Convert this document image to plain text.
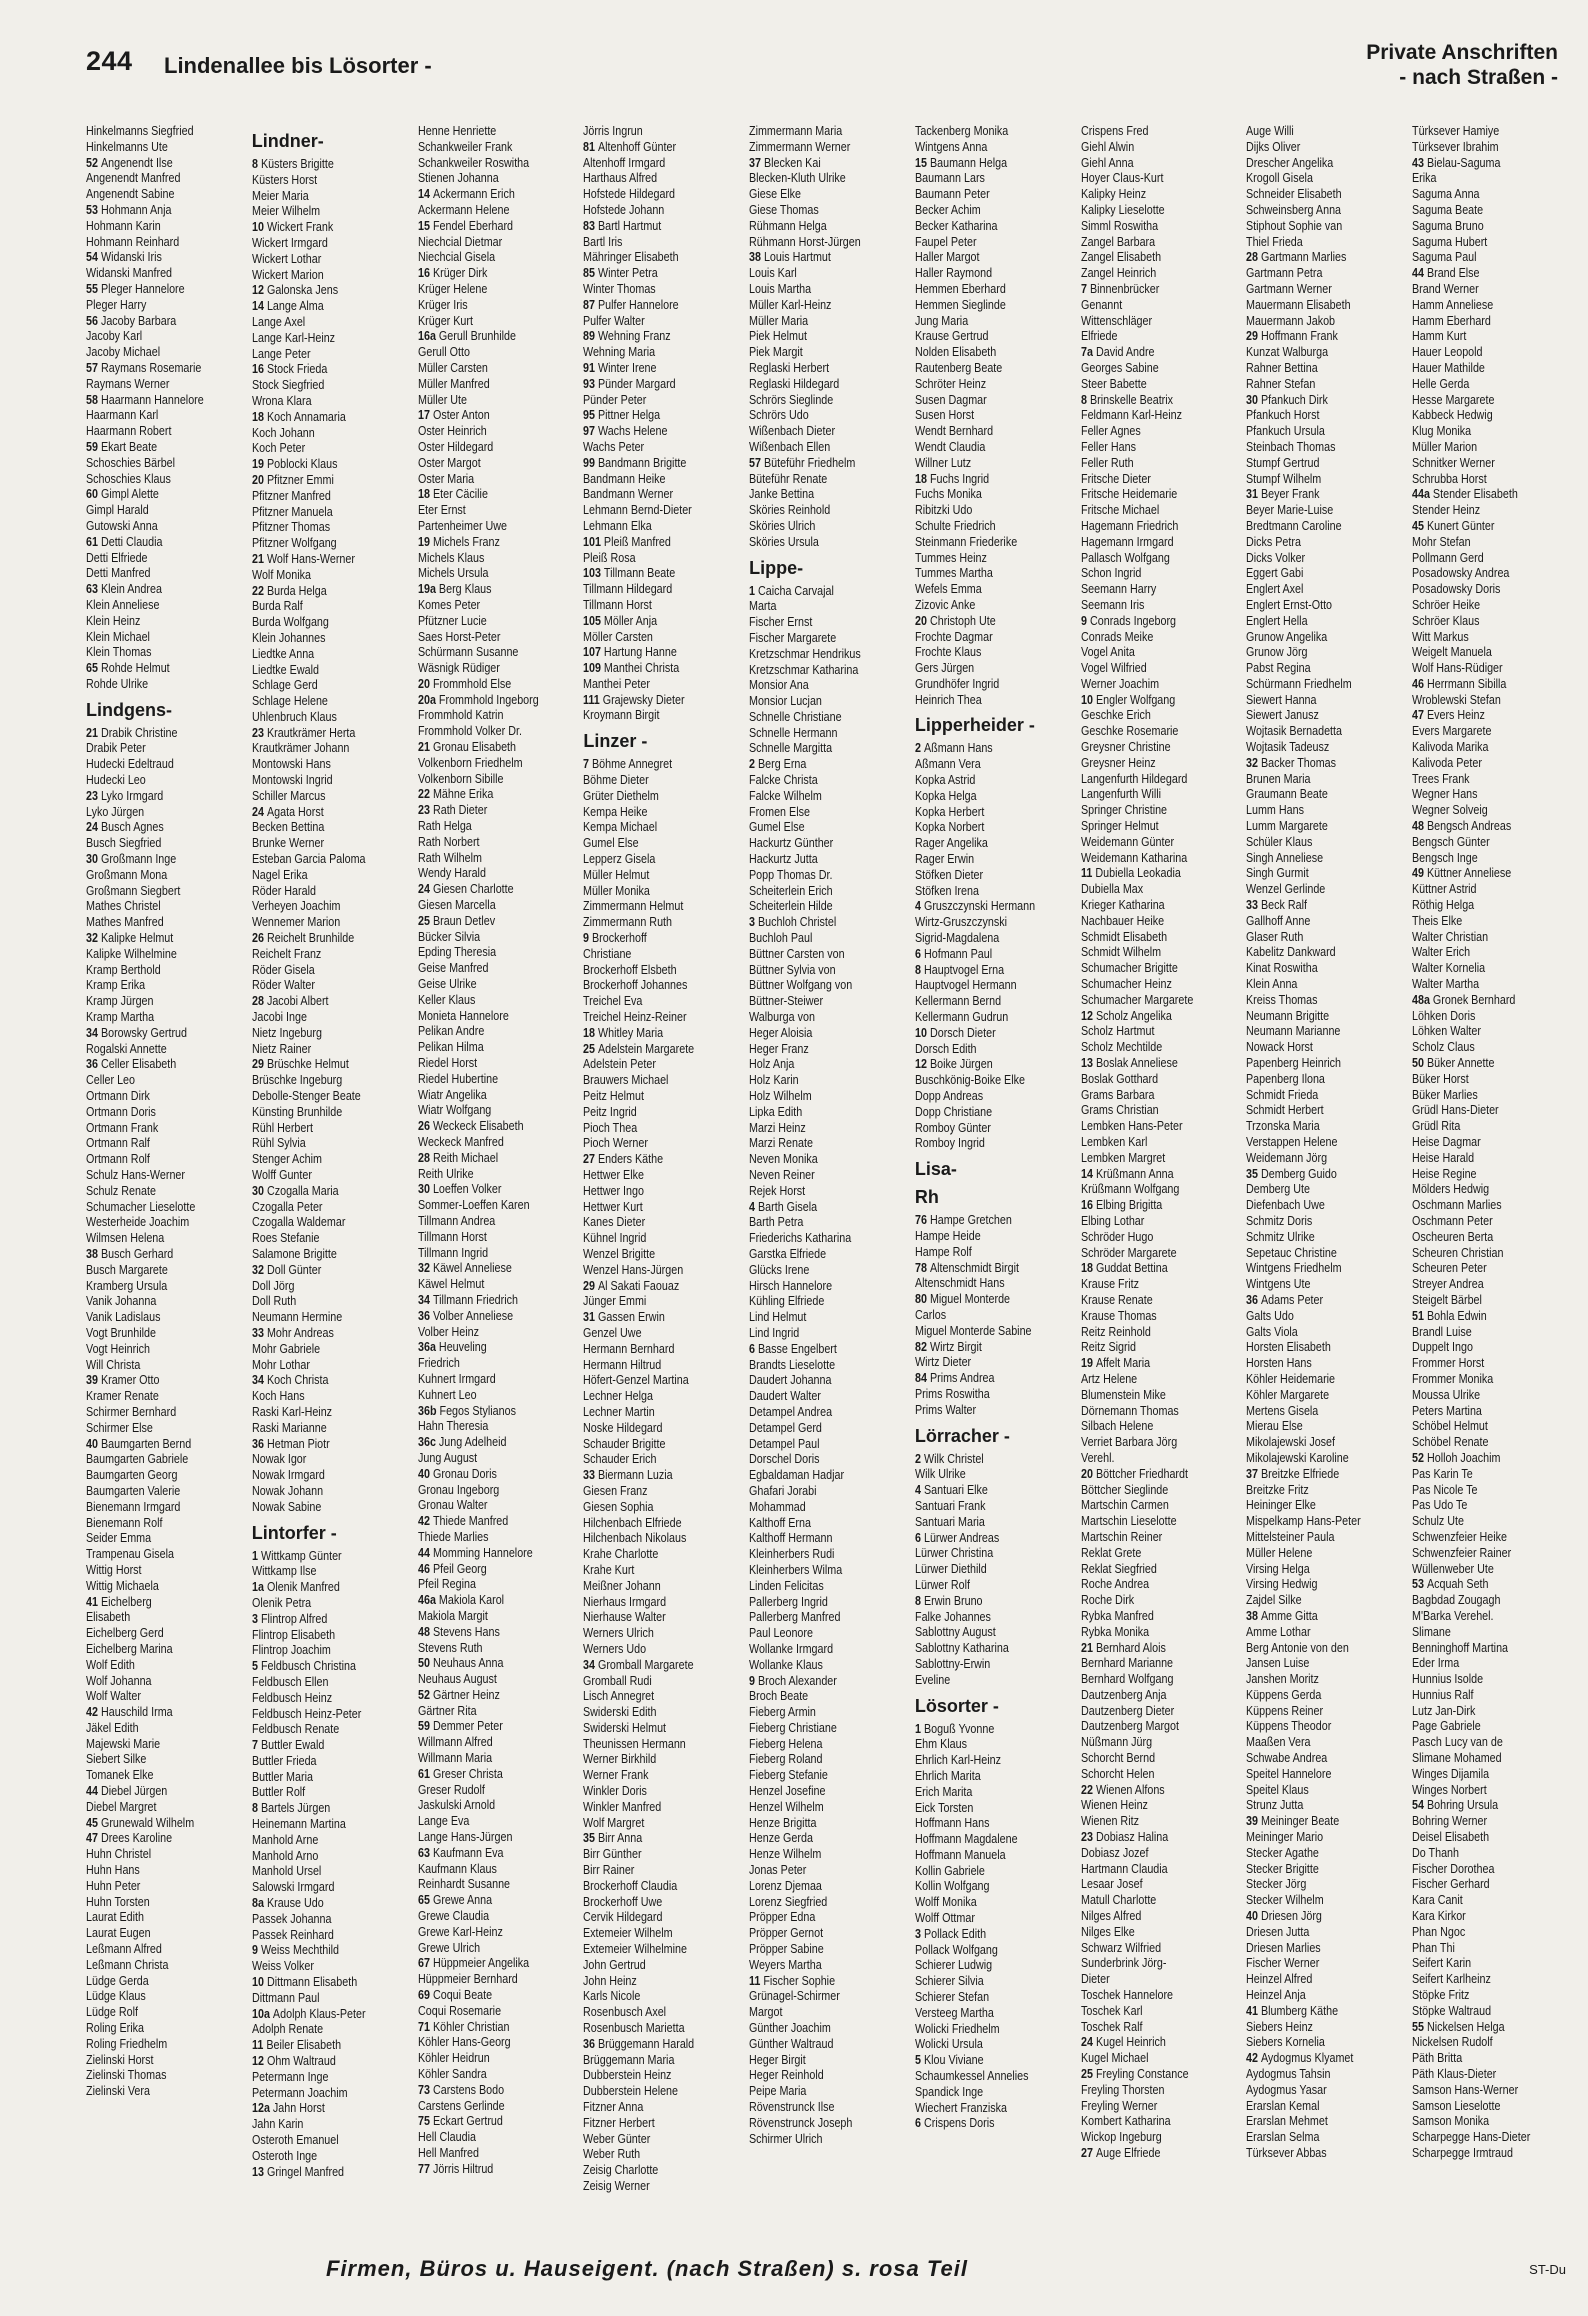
244 Lindenallee bis Lösorter -
Private Anschriften
- nach Straßen -
Hinkelmanns Siegfried
Hinkelmanns Ute
52 Angenendt Ilse
Angenendt Manfred
Angenendt Sabine
53 Hohmann Anja
Hohmann Karin
Hohmann Reinhard
54 Widanski Iris
Widanski Manfred
55 Pleger Hannelore
Pleger Harry
56 Jacoby Barbara
Jacoby Karl
Jacoby Michael
57 Raymans Rosemarie
Raymans Werner
58 Haarmann Hannelore
Haarmann Karl
Haarmann Robert
59 Ekart Beate
Schoschies Bärbel
Schoschies Klaus
60 Gimpl Alette
Gimpl Harald
Gutowski Anna
61 Detti Claudia
Detti Elfriede
Detti Manfred
63 Klein Andrea
Klein Anneliese
Klein Heinz
Klein Michael
Klein Thomas
65 Rohde Helmut
Rohde Ulrike
Lindgens-
21 Drabik Christine
Drabik Peter
Hudecki Edeltraud
Hudecki Leo
23 Lyko Irmgard
Lyko Jürgen
24 Busch Agnes
Busch Siegfried
30 Großmann Inge
Großmann Mona
Großmann Siegbert
Mathes Christel
Mathes Manfred
32 Kalipke Helmut
Kalipke Wilhelmine
Kramp Berthold
Kramp Erika
Kramp Jürgen
Kramp Martha
34 Borowsky Gertrud
Rogalski Annette
36 Celler Elisabeth
Celler Leo
Ortmann Dirk
Ortmann Doris
Ortmann Frank
Ortmann Ralf
Ortmann Rolf
Schulz Hans-Werner
Schulz Renate
Schumacher Lieselotte
Westerheide Joachim
Wilmsen Helena
38 Busch Gerhard
Busch Margarete
Kramberg Ursula
Vanik Johanna
Vanik Ladislaus
Vogt Brunhilde
Vogt Heinrich
Will Christa
39 Kramer Otto
Kramer Renate
Schirmer Bernhard
Schirmer Else
40 Baumgarten Bernd
Baumgarten Gabriele
Baumgarten Georg
Baumgarten Valerie
Bienemann Irmgard
Bienemann Rolf
Seider Emma
Trampenau Gisela
Wittig Horst
Wittig Michaela
41 Eichelberg
Elisabeth
Eichelberg Gerd
Eichelberg Marina
Wolf Edith
Wolf Johanna
Wolf Walter
42 Hauschild Irma
Jäkel Edith
Majewski Marie
Siebert Silke
Tomanek Elke
44 Diebel Jürgen
Diebel Margret
45 Grunewald Wilhelm
47 Drees Karoline
Huhn Christel
Huhn Hans
Huhn Peter
Huhn Torsten
Laurat Edith
Laurat Eugen
Leßmann Alfred
Leßmann Christa
Lüdge Gerda
Lüdge Klaus
Lüdge Rolf
Roling Erika
Roling Friedhelm
Zielinski Horst
Zielinski Thomas
Zielinski Vera
Lindner-
8 Küsters Brigitte
Küsters Horst
Meier Maria
Meier Wilhelm
10 Wickert Frank
Wickert Irmgard
Wickert Lothar
Wickert Marion
12 Galonska Jens
14 Lange Alma
Lange Axel
Lange Karl-Heinz
Lange Peter
16 Stock Frieda
Stock Siegfried
Wrona Klara
18 Koch Annamaria
Koch Johann
Koch Peter
19 Poblocki Klaus
20 Pfitzner Emmi
Pfitzner Manfred
Pfitzner Manuela
Pfitzner Thomas
Pfitzner Wolfgang
21 Wolf Hans-Werner
Wolf Monika
22 Burda Helga
Burda Ralf
Burda Wolfgang
Klein Johannes
Liedtke Anna
Liedtke Ewald
Schlage Gerd
Schlage Helene
Uhlenbruch Klaus
23 Krautkrämer Herta
Krautkrämer Johann
Montowski Hans
Montowski Ingrid
Schiller Marcus
24 Agata Horst
Becken Bettina
Brunke Werner
Esteban Garcia Paloma
Nagel Erika
Röder Harald
Verheyen Joachim
Wennemer Marion
26 Reichelt Brunhilde
Reichelt Franz
Röder Gisela
Röder Walter
28 Jacobi Albert
Jacobi Inge
Nietz Ingeburg
Nietz Rainer
29 Brüschke Helmut
Brüschke Ingeburg
Debolle-Stenger Beate
Künsting Brunhilde
Rühl Herbert
Rühl Sylvia
Stenger Achim
Wolff Gunter
30 Czogalla Maria
Czogalla Peter
Czogalla Waldemar
Roes Stefanie
Salamone Brigitte
32 Doll Günter
Doll Jörg
Doll Ruth
Neumann Hermine
33 Mohr Andreas
Mohr Gabriele
Mohr Lothar
34 Koch Christa
Koch Hans
Raski Karl-Heinz
Raski Marianne
36 Hetman Piotr
Nowak Igor
Nowak Irmgard
Nowak Johann
Nowak Sabine
Lintorfer -
1 Wittkamp Günter
Wittkamp Ilse
1a Olenik Manfred
Olenik Petra
3 Flintrop Alfred
Flintrop Elisabeth
Flintrop Joachim
5 Feldbusch Christina
Feldbusch Ellen
Feldbusch Heinz
Feldbusch Heinz-Peter
Feldbusch Renate
7 Buttler Ewald
Buttler Frieda
Buttler Maria
Buttler Rolf
8 Bartels Jürgen
Heinemann Martina
Manhold Arne
Manhold Arno
Manhold Ursel
Salowski Irmgard
8a Krause Udo
Passek Johanna
Passek Reinhard
9 Weiss Mechthild
Weiss Volker
10 Dittmann Elisabeth
Dittmann Paul
10a Adolph Klaus-Peter
Adolph Renate
11 Beiler Elisabeth
12 Ohm Waltraud
Petermann Inge
Petermann Joachim
12a Jahn Horst
Jahn Karin
Osteroth Emanuel
Osteroth Inge
13 Gringel Manfred
Henne Henriette
Schankweiler Frank
Schankweiler Roswitha
Stienen Johanna
14 Ackermann Erich
Ackermann Helene
15 Fendel Eberhard
Niechcial Dietmar
Niechcial Gisela
16 Krüger Dirk
Krüger Helene
Krüger Iris
Krüger Kurt
16a Gerull Brunhilde
Gerull Otto
Müller Carsten
Müller Manfred
Müller Ute
17 Oster Anton
Oster Heinrich
Oster Hildegard
Oster Margot
Oster Maria
18 Eter Cäcilie
Eter Ernst
Partenheimer Uwe
19 Michels Franz
Michels Klaus
Michels Ursula
19a Berg Klaus
Komes Peter
Pfützner Lucie
Saes Horst-Peter
Schürmann Susanne
Wäsnigk Rüdiger
20 Frommhold Else
20a Frommhold Ingeborg
Frommhold Katrin
Frommhold Volker Dr.
21 Gronau Elisabeth
Volkenborn Friedhelm
Volkenborn Sibille
22 Mähne Erika
23 Rath Dieter
Rath Helga
Rath Norbert
Rath Wilhelm
Wendy Harald
24 Giesen Charlotte
Giesen Marcella
25 Braun Detlev
Bücker Silvia
Epding Theresia
Geise Manfred
Geise Ulrike
Keller Klaus
Monieta Hannelore
Pelikan Andre
Pelikan Hilma
Riedel Horst
Riedel Hubertine
Wiatr Angelika
Wiatr Wolfgang
26 Weckeck Elisabeth
Weckeck Manfred
28 Reith Michael
Reith Ulrike
30 Loeffen Volker
Sommer-Loeffen Karen
Tillmann Andrea
Tillmann Horst
Tillmann Ingrid
32 Käwel Anneliese
Käwel Helmut
34 Tillmann Friedrich
36 Volber Anneliese
Volber Heinz
36a Heuveling
Friedrich
Kuhnert Irmgard
Kuhnert Leo
36b Fegos Stylianos
Hahn Theresia
36c Jung Adelheid
Jung August
40 Gronau Doris
Gronau Ingeborg
Gronau Walter
42 Thiede Manfred
Thiede Marlies
44 Momming Hannelore
46 Pfeil Georg
Pfeil Regina
46a Makiola Karol
Makiola Margit
48 Stevens Hans
Stevens Ruth
50 Neuhaus Anna
Neuhaus August
52 Gärtner Heinz
Gärtner Rita
59 Demmer Peter
Willmann Alfred
Willmann Maria
61 Greser Christa
Greser Rudolf
Jaskulski Arnold
Lange Eva
Lange Hans-Jürgen
63 Kaufmann Eva
Kaufmann Klaus
Reinhardt Susanne
65 Grewe Anna
Grewe Claudia
Grewe Karl-Heinz
Grewe Ulrich
67 Hüppmeier Angelika
Hüppmeier Bernhard
69 Coqui Beate
Coqui Rosemarie
71 Köhler Christian
Köhler Hans-Georg
Köhler Heidrun
Köhler Sandra
73 Carstens Bodo
Carstens Gerlinde
75 Eckart Gertrud
Hell Claudia
Hell Manfred
77 Jörris Hiltrud
Jörris Ingrun
81 Altenhoff Günter
Altenhoff Irmgard
Harthaus Alfred
Hofstede Hildegard
Hofstede Johann
83 Bartl Hartmut
Bartl Iris
Mähringer Elisabeth
85 Winter Petra
Winter Thomas
87 Pulfer Hannelore
Pulfer Walter
89 Wehning Franz
Wehning Maria
91 Winter Irene
93 Pünder Margard
Pünder Peter
95 Pittner Helga
97 Wachs Helene
Wachs Peter
99 Bandmann Brigitte
Bandmann Heike
Bandmann Werner
Lehmann Bernd-Dieter
Lehmann Elka
101 Pleiß Manfred
Pleiß Rosa
103 Tillmann Beate
Tillmann Hildegard
Tillmann Horst
105 Möller Anja
Möller Carsten
107 Hartung Hanne
109 Manthei Christa
Manthei Peter
111 Grajewsky Dieter
Kroymann Birgit
Linzer -
7 Böhme Annegret
Böhme Dieter
Grüter Diethelm
Kempa Heike
Kempa Michael
Gumel Else
Lepperz Gisela
Müller Helmut
Müller Monika
Zimmermann Helmut
Zimmermann Ruth
9 Brockerhoff
Christiane
Brockerhoff Elsbeth
Brockerhoff Johannes
Treichel Eva
Treichel Heinz-Reiner
18 Whitley Maria
25 Adelstein Margarete
Adelstein Peter
Brauwers Michael
Peitz Helmut
Peitz Ingrid
Pioch Thea
Pioch Werner
27 Enders Käthe
Hettwer Elke
Hettwer Ingo
Hettwer Kurt
Kanes Dieter
Kühnel Ingrid
Wenzel Brigitte
Wenzel Hans-Jürgen
29 Al Sakati Faouaz
Jünger Emmi
31 Gassen Erwin
Genzel Uwe
Hermann Bernhard
Hermann Hiltrud
Höfert-Genzel Martina
Lechner Helga
Lechner Martin
Noske Hildegard
Schauder Brigitte
Schauder Erich
33 Biermann Luzia
Giesen Franz
Giesen Sophia
Hilchenbach Elfriede
Hilchenbach Nikolaus
Krahe Charlotte
Krahe Kurt
Meißner Johann
Nierhaus Irmgard
Nierhause Walter
Werners Ulrich
Werners Udo
34 Gromball Margarete
Gromball Rudi
Lisch Annegret
Swiderski Edith
Swiderski Helmut
Theunissen Hermann
Werner Birkhild
Werner Frank
Winkler Doris
Winkler Manfred
Wolf Margret
35 Birr Anna
Birr Günther
Birr Rainer
Brockerhoff Claudia
Brockerhoff Uwe
Cervik Hildegard
Extemeier Wilhelm
Extemeier Wilhelmine
John Gertrud
John Heinz
Karls Nicole
Rosenbusch Axel
Rosenbusch Marietta
36 Brüggemann Harald
Brüggemann Maria
Dubberstein Heinz
Dubberstein Helene
Fitzner Anna
Fitzner Herbert
Weber Günter
Weber Ruth
Zeisig Charlotte
Zeisig Werner
Zimmermann Maria
Zimmermann Werner
37 Blecken Kai
Blecken-Kluth Ulrike
Giese Elke
Giese Thomas
Rühmann Helga
Rühmann Horst-Jürgen
38 Louis Hartmut
Louis Karl
Louis Martha
Müller Karl-Heinz
Müller Maria
Piek Helmut
Piek Margit
Reglaski Herbert
Reglaski Hildegard
Schrörs Sieglinde
Schrörs Udo
Wißenbach Dieter
Wißenbach Ellen
57 Büteführ Friedhelm
Büteführ Renate
Janke Bettina
Sköries Reinhold
Sköries Ulrich
Sköries Ursula
Lippe-
1 Caicha Carvajal
Marta
Fischer Ernst
Fischer Margarete
Kretzschmar Hendrikus
Kretzschmar Katharina
Monsior Ana
Monsior Lucjan
Schnelle Christiane
Schnelle Hermann
Schnelle Margitta
2 Berg Erna
Falcke Christa
Falcke Wilhelm
Fromen Else
Gumel Else
Hackurtz Günther
Hackurtz Jutta
Popp Thomas Dr.
Scheiterlein Erich
Scheiterlein Hilde
3 Buchloh Christel
Buchloh Paul
Büttner Carsten von
Büttner Sylvia von
Büttner Wolfgang von
Büttner-Steiwer
Walburga von
Heger Aloisia
Heger Franz
Holz Anja
Holz Karin
Holz Wilhelm
Lipka Edith
Marzi Heinz
Marzi Renate
Neven Monika
Neven Reiner
Rejek Horst
4 Barth Gisela
Barth Petra
Friederichs Katharina
Garstka Elfriede
Glücks Irene
Hirsch Hannelore
Kühling Elfriede
Lind Helmut
Lind Ingrid
6 Basse Engelbert
Brandts Lieselotte
Daudert Johanna
Daudert Walter
Detampel Andrea
Detampel Gerd
Detampel Paul
Dorschel Doris
Egbaldaman Hadjar
Ghafari Jorabi
Mohammad
Kalthoff Erna
Kalthoff Hermann
Kleinherbers Rudi
Kleinherbers Wilma
Linden Felicitas
Pallerberg Ingrid
Pallerberg Manfred
Paul Leonore
Wollanke Irmgard
Wollanke Klaus
9 Broch Alexander
Broch Beate
Fieberg Armin
Fieberg Christiane
Fieberg Helena
Fieberg Roland
Fieberg Stefanie
Henzel Josefine
Henzel Wilhelm
Henze Brigitta
Henze Gerda
Henze Wilhelm
Jonas Peter
Lorenz Djemaa
Lorenz Siegfried
Pröpper Edna
Pröpper Gernot
Pröpper Sabine
Weyers Martha
11 Fischer Sophie
Grünagel-Schirmer
Margot
Günther Joachim
Günther Waltraud
Heger Birgit
Heger Reinhold
Peipe Maria
Rövenstrunck Ilse
Rövenstrunck Joseph
Schirmer Ulrich
Tackenberg Monika
Wintgens Anna
15 Baumann Helga
Baumann Lars
Baumann Peter
Becker Achim
Becker Katharina
Faupel Peter
Haller Margot
Haller Raymond
Hemmen Eberhard
Hemmen Sieglinde
Jung Maria
Krause Gertrud
Nolden Elisabeth
Rautenberg Beate
Schröter Heinz
Susen Dagmar
Susen Horst
Wendt Bernhard
Wendt Claudia
Willner Lutz
18 Fuchs Ingrid
Fuchs Monika
Ribitzki Udo
Schulte Friedrich
Steinmann Friederike
Tummes Heinz
Tummes Martha
Wefels Emma
Zizovic Anke
20 Christoph Ute
Frochte Dagmar
Frochte Klaus
Gers Jürgen
Grundhöfer Ingrid
Heinrich Thea
Lipperheider -
2 Aßmann Hans
Aßmann Vera
Kopka Astrid
Kopka Helga
Kopka Herbert
Kopka Norbert
Rager Angelika
Rager Erwin
Stöfken Dieter
Stöfken Irena
4 Gruszczynski Hermann
Wirtz-Gruszczynski
Sigrid-Magdalena
6 Hofmann Paul
8 Hauptvogel Erna
Hauptvogel Hermann
Kellermann Bernd
Kellermann Gudrun
10 Dorsch Dieter
Dorsch Edith
12 Boike Jürgen
Buschkönig-Boike Elke
Dopp Andreas
Dopp Christiane
Romboy Günter
Romboy Ingrid
Lisa-
Rh
76 Hampe Gretchen
Hampe Heide
Hampe Rolf
78 Altenschmidt Birgit
Altenschmidt Hans
80 Miguel Monterde
Carlos
Miguel Monterde Sabine
82 Wirtz Birgit
Wirtz Dieter
84 Prims Andrea
Prims Roswitha
Prims Walter
Lörracher -
2 Wilk Christel
Wilk Ulrike
4 Santuari Elke
Santuari Frank
Santuari Maria
6 Lürwer Andreas
Lürwer Christina
Lürwer Diethild
Lürwer Rolf
8 Erwin Bruno
Falke Johannes
Sablottny August
Sablottny Katharina
Sablottny-Erwin
Eveline
Lösorter -
1 Boguß Yvonne
Ehm Klaus
Ehrlich Karl-Heinz
Ehrlich Marita
Erich Marita
Eick Torsten
Hoffmann Hans
Hoffmann Magdalene
Hoffmann Manuela
Kollin Gabriele
Kollin Wolfgang
Wolff Monika
Wolff Ottmar
3 Pollack Edith
Pollack Wolfgang
Schierer Ludwig
Schierer Silvia
Schierer Stefan
Versteeg Martha
Wolicki Friedhelm
Wolicki Ursula
5 Klou Viviane
Schaumkessel Annelies
Spandick Inge
Wiechert Franziska
6 Crispens Doris
Crispens Fred
Giehl Alwin
Giehl Anna
Hoyer Claus-Kurt
Kalipky Heinz
Kalipky Lieselotte
Simml Roswitha
Zangel Barbara
Zangel Elisabeth
Zangel Heinrich
7 Binnenbrücker
Genannt
Wittenschläger
Elfriede
7a David Andre
Georges Sabine
Steer Babette
8 Brinskelle Beatrix
Feldmann Karl-Heinz
Feller Agnes
Feller Hans
Feller Ruth
Fritsche Dieter
Fritsche Heidemarie
Fritsche Michael
Hagemann Friedrich
Hagemann Irmgard
Pallasch Wolfgang
Schon Ingrid
Seemann Harry
Seemann Iris
9 Conrads Ingeborg
Conrads Meike
Vogel Anita
Vogel Wilfried
Werner Joachim
10 Engler Wolfgang
Geschke Erich
Geschke Rosemarie
Greysner Christine
Greysner Heinz
Langenfurth Hildegard
Langenfurth Willi
Springer Christine
Springer Helmut
Weidemann Günter
Weidemann Katharina
11 Dubiella Leokadia
Dubiella Max
Krieger Katharina
Nachbauer Heike
Schmidt Elisabeth
Schmidt Wilhelm
Schumacher Brigitte
Schumacher Heinz
Schumacher Margarete
12 Scholz Angelika
Scholz Hartmut
Scholz Mechtilde
13 Boslak Anneliese
Boslak Gotthard
Grams Barbara
Grams Christian
Lembken Hans-Peter
Lembken Karl
Lembken Margret
14 Krüßmann Anna
Krüßmann Wolfgang
16 Elbing Brigitta
Elbing Lothar
Schröder Hugo
Schröder Margarete
18 Guddat Bettina
Krause Fritz
Krause Renate
Krause Thomas
Reitz Reinhold
Reitz Sigrid
19 Affelt Maria
Artz Helene
Blumenstein Mike
Dörnemann Thomas
Silbach Helene
Verriet Barbara Jörg
Verehl.
20 Böttcher Friedhardt
Böttcher Sieglinde
Martschin Carmen
Martschin Lieselotte
Martschin Reiner
Reklat Grete
Reklat Siegfried
Roche Andrea
Roche Dirk
Rybka Manfred
Rybka Monika
21 Bernhard Alois
Bernhard Marianne
Bernhard Wolfgang
Dautzenberg Anja
Dautzenberg Dieter
Dautzenberg Margot
Nüßmann Jürg
Schorcht Bernd
Schorcht Helen
22 Wienen Alfons
Wienen Heinz
Wienen Ritz
23 Dobiasz Halina
Dobiasz Jozef
Hartmann Claudia
Lesaar Josef
Matull Charlotte
Nilges Alfred
Nilges Elke
Schwarz Wilfried
Sunderbrink Jörg-
Dieter
Toschek Hannelore
Toschek Karl
Toschek Ralf
24 Kugel Heinrich
Kugel Michael
25 Freyling Constance
Freyling Thorsten
Freyling Werner
Kombert Katharina
Wickop Ingeburg
27 Auge Elfriede
Auge Willi
Dijks Oliver
Drescher Angelika
Krogoll Gisela
Schneider Elisabeth
Schweinsberg Anna
Stiphout Sophie van
Thiel Frieda
28 Gartmann Marlies
Gartmann Petra
Gartmann Werner
Mauermann Elisabeth
Mauermann Jakob
29 Hoffmann Frank
Kunzat Walburga
Rahner Bettina
Rahner Stefan
30 Pfankuch Dirk
Pfankuch Horst
Pfankuch Ursula
Steinbach Thomas
Stumpf Gertrud
Stumpf Wilhelm
31 Beyer Frank
Beyer Marie-Luise
Bredtmann Caroline
Dicks Petra
Dicks Volker
Eggert Gabi
Englert Axel
Englert Ernst-Otto
Englert Hella
Grunow Angelika
Grunow Jörg
Pabst Regina
Schürmann Friedhelm
Siewert Hanna
Siewert Janusz
Wojtasik Bernadetta
Wojtasik Tadeusz
32 Backer Thomas
Brunen Maria
Graumann Beate
Lumm Hans
Lumm Margarete
Schüler Klaus
Singh Anneliese
Singh Gurmit
Wenzel Gerlinde
33 Beck Ralf
Gallhoff Anne
Glaser Ruth
Kabelitz Dankward
Kinat Roswitha
Klein Anna
Kreiss Thomas
Neumann Brigitte
Neumann Marianne
Nowack Horst
Papenberg Heinrich
Papenberg Ilona
Schmidt Frieda
Schmidt Herbert
Trzonska Maria
Verstappen Helene
Weidemann Jörg
35 Demberg Guido
Demberg Ute
Diefenbach Uwe
Schmitz Doris
Schmitz Ulrike
Sepetauc Christine
Wintgens Friedhelm
Wintgens Ute
36 Adams Peter
Galts Udo
Galts Viola
Horsten Elisabeth
Horsten Hans
Köhler Heidemarie
Köhler Margarete
Mertens Gisela
Mierau Else
Mikolajewski Josef
Mikolajewski Karoline
37 Breitzke Elfriede
Breitzke Fritz
Heininger Elke
Mispelkamp Hans-Peter
Mittelsteiner Paula
Müller Helene
Virsing Helga
Virsing Hedwig
Zajdel Silke
38 Amme Gitta
Amme Lothar
Berg Antonie von den
Jansen Luise
Janshen Moritz
Küppens Gerda
Küppens Reiner
Küppens Theodor
Maaßen Vera
Schwabe Andrea
Speitel Hannelore
Speitel Klaus
Strunz Jutta
39 Meininger Beate
Meininger Mario
Stecker Agathe
Stecker Brigitte
Stecker Jörg
Stecker Wilhelm
40 Driesen Jörg
Driesen Jutta
Driesen Marlies
Fischer Werner
Heinzel Alfred
Heinzel Anja
41 Blumberg Käthe
Siebers Heinz
Siebers Kornelia
42 Aydogmus Klyamet
Aydogmus Tahsin
Aydogmus Yasar
Erarslan Kemal
Erarslan Mehmet
Erarslan Selma
Türksever Abbas
Türksever Hamiye
Türksever Ibrahim
43 Bielau-Saguma
Erika
Saguma Anna
Saguma Beate
Saguma Bruno
Saguma Hubert
Saguma Paul
44 Brand Else
Brand Werner
Hamm Anneliese
Hamm Eberhard
Hamm Kurt
Hauer Leopold
Hauer Mathilde
Helle Gerda
Hesse Margarete
Kabbeck Hedwig
Klug Monika
Müller Marion
Schnitker Werner
Schrubba Horst
44a Stender Elisabeth
Stender Heinz
45 Kunert Günter
Mohr Stefan
Pollmann Gerd
Posadowsky Andrea
Posadowsky Doris
Schröer Heike
Schröer Klaus
Witt Markus
Weigelt Manuela
Wolf Hans-Rüdiger
46 Herrmann Sibilla
Wroblewski Stefan
47 Evers Heinz
Evers Margarete
Kalivoda Marika
Kalivoda Peter
Trees Frank
Wegner Hans
Wegner Solveig
48 Bengsch Andreas
Bengsch Günter
Bengsch Inge
49 Küttner Anneliese
Küttner Astrid
Röthig Helga
Theis Elke
Walter Christian
Walter Erich
Walter Kornelia
Walter Martha
48a Gronek Bernhard
Löhken Doris
Löhken Walter
Scholz Claus
50 Büker Annette
Büker Horst
Büker Marlies
Grüdl Hans-Dieter
Grüdl Rita
Heise Dagmar
Heise Harald
Heise Regine
Mölders Hedwig
Oschmann Marlies
Oschmann Peter
Oscheuren Berta
Scheuren Christian
Scheuren Peter
Streyer Andrea
Steigelt Bärbel
51 Bohla Edwin
Brandl Luise
Duppelt Ingo
Frommer Horst
Frommer Monika
Moussa Ulrike
Peters Martina
Schöbel Helmut
Schöbel Renate
52 Holloh Joachim
Pas Karin Te
Pas Nicole Te
Pas Udo Te
Schulz Ute
Schwenzfeier Heike
Schwenzfeier Rainer
Wüllenweber Ute
53 Acquah Seth
Bagbdad Zougagh
M'Barka Verehel.
Slimane
Benninghoff Martina
Eder Irma
Hunnius Isolde
Hunnius Ralf
Lutz Jan-Dirk
Page Gabriele
Pasch Lucy van de
Slimane Mohamed
Winges Dijamila
Winges Norbert
54 Bohring Ursula
Bohring Werner
Deisel Elisabeth
Do Thanh
Fischer Dorothea
Fischer Gerhard
Kara Canit
Kara Kirkor
Phan Ngoc
Phan Thi
Seifert Karin
Seifert Karlheinz
Stöpke Fritz
Stöpke Waltraud
55 Nickelsen Helga
Nickelsen Rudolf
Päth Britta
Päth Klaus-Dieter
Samson Hans-Werner
Samson Lieselotte
Samson Monika
Scharpegge Hans-Dieter
Scharpegge Irmtraud
Firmen, Büros u. Hauseigent. (nach Straßen) s. rosa Teil	ST-Du
